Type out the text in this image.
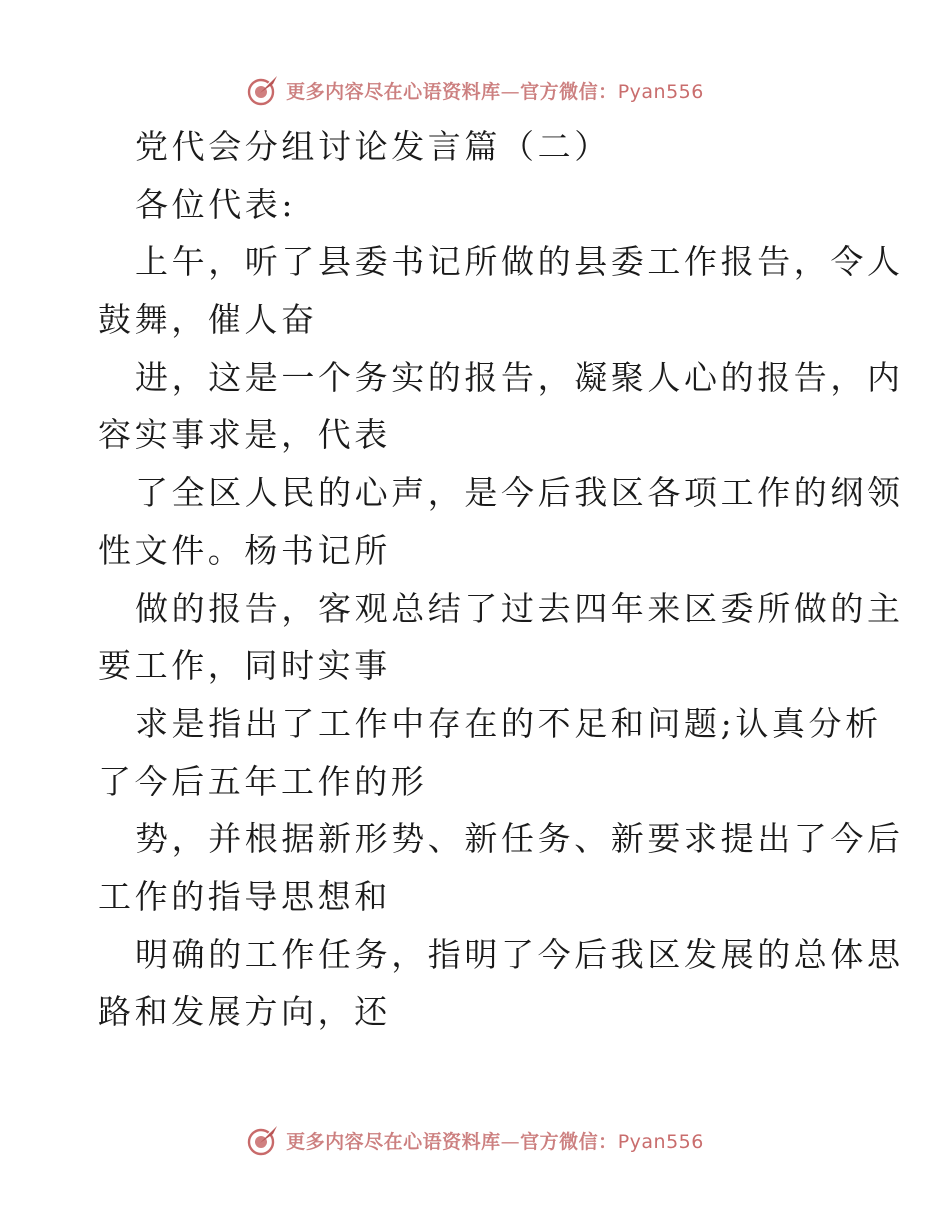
更多内容尽在心语资料库—官方微信：Pyan556
党代会分组讨论发言篇（二）
各位代表:
上午，听了县委书记所做的县委工作报告，令人
鼓舞，催人奋
进，这是一个务实的报告，凝聚人心的报告，内
容实事求是，代表
了全区人民的心声，是今后我区各项工作的纲领
性文件。杨书记所
做的报告，客观总结了过去四年来区委所做的主
要工作，同时实事
求是指出了工作中存在的不足和问题;认真分析
了今后五年工作的形
势，并根据新形势、新任务、新要求提出了今后
工作的指导思想和
明确的工作任务，指明了今后我区发展的总体思
路和发展方向，还
更多内容尽在心语资料库—官方微信：Pyan556
